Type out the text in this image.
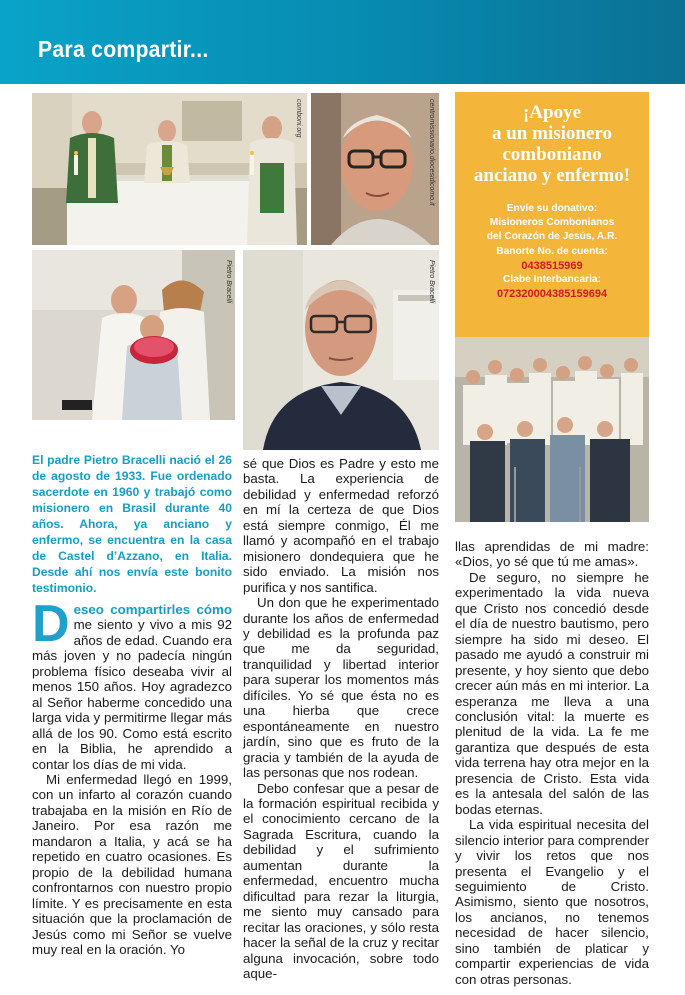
Para compartir...
comboni.org	centromissionario.diocesidicomo.it
Pietro Bracelli	Pietro Bracelli
¡Apoye
a un misionero
comboniano
anciano y enfermo!
Envíe su donativo:
Misioneros Combonianos
del Corazón de Jesús, A.R.
Banorte No. de cuenta:
0438515969
Clabe Interbancaria:
072320004385159694
El padre Pietro Bracelli nació el 26 de agosto de 1933. Fue ordenado sacerdote en 1960 y trabajó como misionero en Brasil durante 40 años. Ahora, ya anciano y enfermo, se encuentra en la casa de Castel d’Azzano, en Italia. Desde ahí nos envía este bonito testimonio.

Deseo compartirles cómo me siento y vivo a mis 92 años de edad. Cuando era más joven y no padecía ningún problema físico deseaba vivir al menos 150 años. Hoy agradezco al Señor haberme concedido una larga vida y permitirme llegar más allá de los 90. Como está escrito en la Biblia, he aprendido a contar los días de mi vida.

Mi enfermedad llegó en 1999, con un infarto al corazón cuando trabajaba en la misión en Río de Janeiro. Por esa razón me mandaron a Italia, y acá se ha repetido en cuatro ocasiones. Es propio de la debilidad humana confrontarnos con nuestro propio límite. Y es precisamente en esta situación que la proclamación de Jesús como mi Señor se vuelve muy real en la oración. Yo

sé que Dios es Padre y esto me basta. La experiencia de debilidad y enfermedad reforzó en mí la certeza de que Dios está siempre conmigo, Él me llamó y acompañó en el trabajo misionero dondequiera que he sido enviado. La misión nos purifica y nos santifica.

Un don que he experimentado durante los años de enfermedad y debilidad es la profunda paz que me da seguridad, tranquilidad y libertad interior para superar los momentos más difíciles. Yo sé que ésta no es una hierba que crece espontáneamente en nuestro jardín, sino que es fruto de la gracia y también de la ayuda de las personas que nos rodean.

Debo confesar que a pesar de la formación espiritual recibida y el conocimiento cercano de la Sagrada Escritura, cuando la debilidad y el sufrimiento aumentan durante la enfermedad, encuentro mucha dificultad para rezar la liturgia, me siento muy cansado para recitar las oraciones, y sólo resta hacer la señal de la cruz y recitar alguna invocación, sobre todo aque-

llas aprendidas de mi madre: «Dios, yo sé que tú me amas».

De seguro, no siempre he experimentado la vida nueva que Cristo nos concedió desde el día de nuestro bautismo, pero siempre ha sido mi deseo. El pasado me ayudó a construir mi presente, y hoy siento que debo crecer aún más en mi interior. La esperanza me lleva a una conclusión vital: la muerte es plenitud de la vida. La fe me garantiza que después de esta vida terrena hay otra mejor en la presencia de Cristo. Esta vida es la antesala del salón de las bodas eternas.

La vida espiritual necesita del silencio interior para comprender y vivir los retos que nos presenta el Evangelio y el seguimiento de Cristo. Asimismo, siento que nosotros, los ancianos, no tenemos necesidad de hacer silencio, sino también de platicar y compartir experiencias de vida con otras personas.
